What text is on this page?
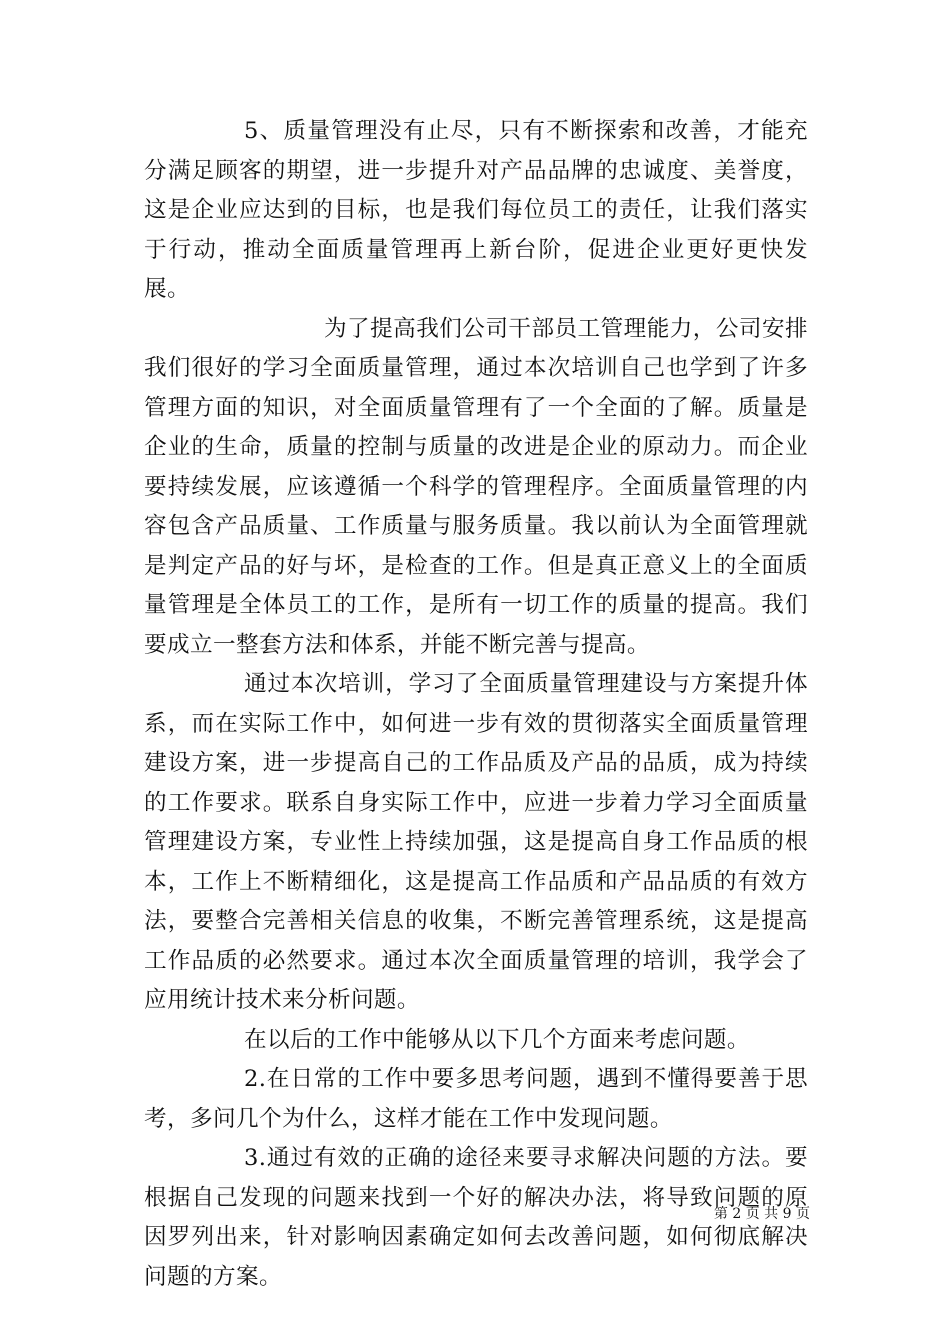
5、质量管理没有止尽，只有不断探索和改善，才能充分满足顾客的期望，进一步提升对产品品牌的忠诚度、美誉度，这是企业应达到的目标，也是我们每位员工的责任，让我们落实于行动，推动全面质量管理再上新台阶，促进企业更好更快发展。

为了提高我们公司干部员工管理能力，公司安排我们很好的学习全面质量管理，通过本次培训自己也学到了许多管理方面的知识，对全面质量管理有了一个全面的了解。质量是企业的生命，质量的控制与质量的改进是企业的原动力。而企业要持续发展，应该遵循一个科学的管理程序。全面质量管理的内容包含产品质量、工作质量与服务质量。我以前认为全面管理就是判定产品的好与坏，是检查的工作。但是真正意义上的全面质量管理是全体员工的工作，是所有一切工作的质量的提高。我们要成立一整套方法和体系，并能不断完善与提高。

通过本次培训，学习了全面质量管理建设与方案提升体系，而在实际工作中，如何进一步有效的贯彻落实全面质量管理建设方案，进一步提高自己的工作品质及产品的品质，成为持续的工作要求。联系自身实际工作中，应进一步着力学习全面质量管理建设方案，专业性上持续加强，这是提高自身工作品质的根本，工作上不断精细化，这是提高工作品质和产品品质的有效方法，要整合完善相关信息的收集，不断完善管理系统，这是提高工作品质的必然要求。通过本次全面质量管理的培训，我学会了应用统计技术来分析问题。

在以后的工作中能够从以下几个方面来考虑问题。

2.在日常的工作中要多思考问题，遇到不懂得要善于思考，多问几个为什么，这样才能在工作中发现问题。

3.通过有效的正确的途径来要寻求解决问题的方法。要根据自己发现的问题来找到一个好的解决办法，将导致问题的原因罗列出来，针对影响因素确定如何去改善问题，如何彻底解决问题的方案。

第 2 页 共 9 页
